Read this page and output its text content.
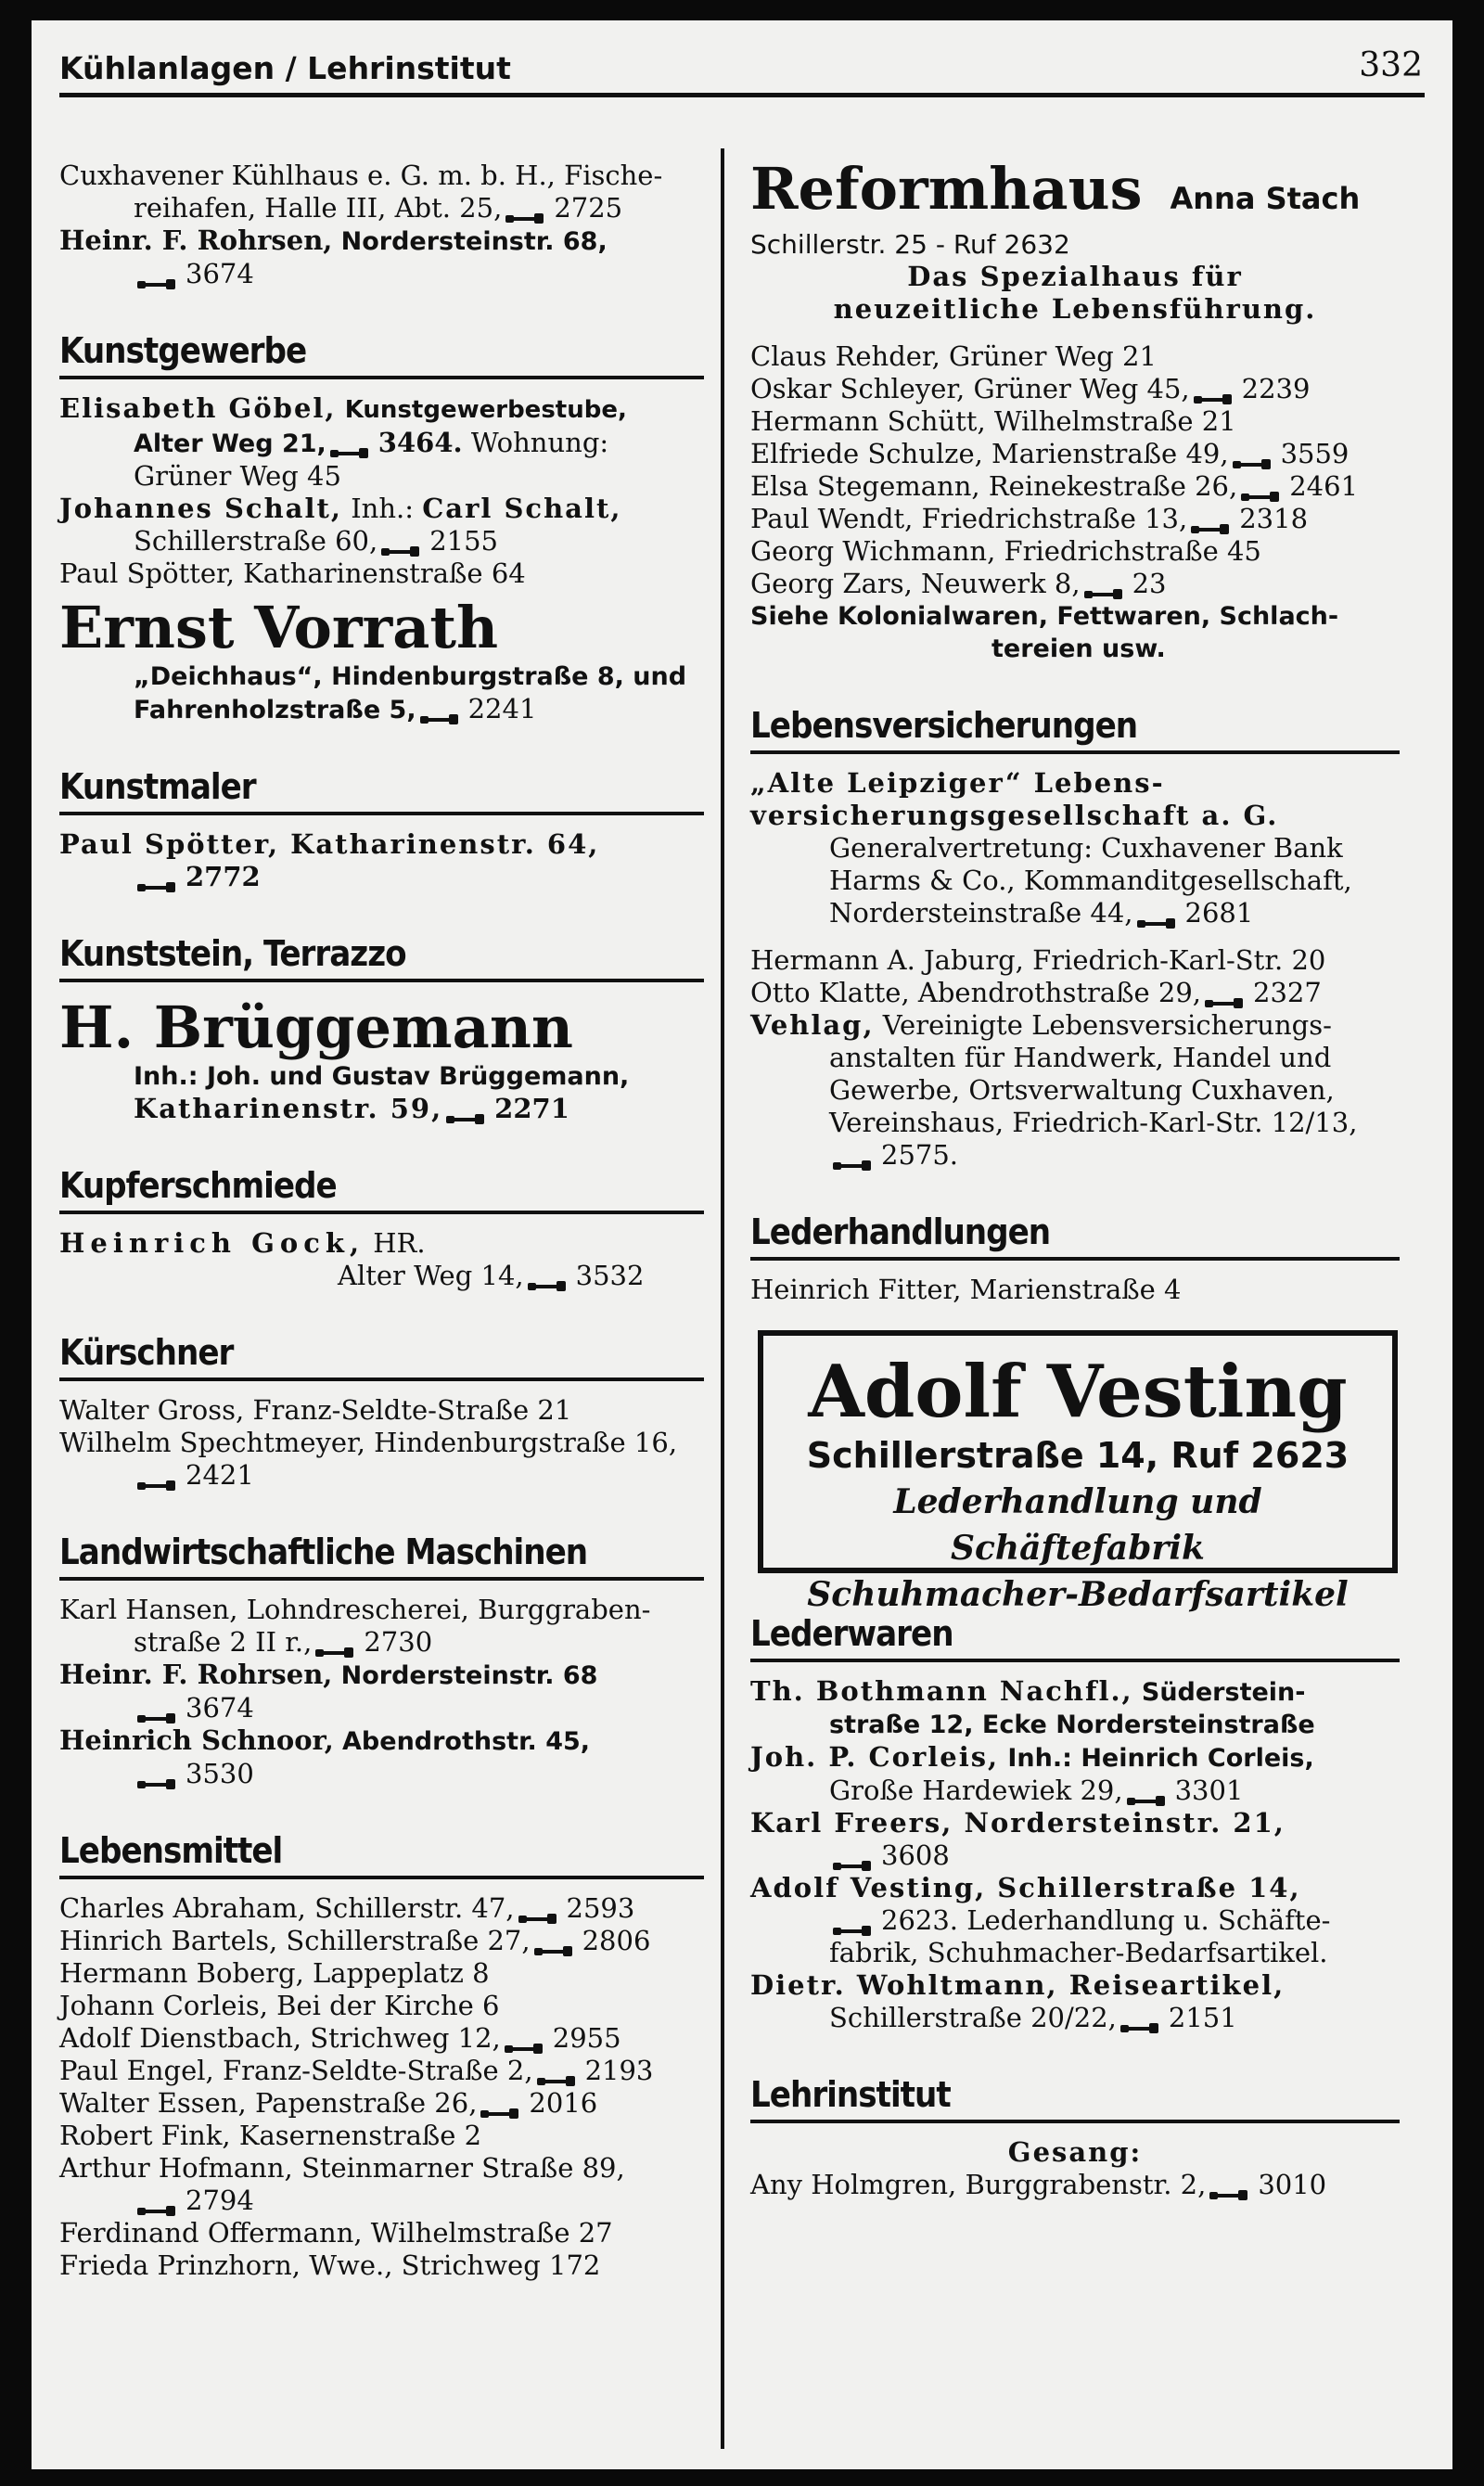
Kühlanlagen / Lehrinstitut	332

Cuxhavener Kühlhaus e. G. m. b. H., Fische-

reihafen, Halle III, Abt. 25, 2725

Heinr. F. Rohrsen, Nordersteinstr. 68,

3674

Kunstgewerbe

Elisabeth Göbel, Kunstgewerbestube,

Alter Weg 21, 3464. Wohnung:

Grüner Weg 45

Johannes Schalt, Inh.: Carl Schalt,

Schillerstraße 60, 2155

Paul Spötter, Katharinenstraße 64

Ernst Vorrath

„Deichhaus“, Hindenburgstraße 8, und

Fahrenholzstraße 5, 2241

Kunstmaler

Paul Spötter, Katharinenstr. 64,

2772

Kunststein, Terrazzo

H. Brüggemann

Inh.: Joh. und Gustav Brüggemann,

Katharinenstr. 59, 2271

Kupferschmiede

Heinrich Gock, HR.

Alter Weg 14, 3532

Kürschner

Walter Gross, Franz-Seldte-Straße 21

Wilhelm Spechtmeyer, Hindenburgstraße 16,

2421

Landwirtschaftliche Maschinen

Karl Hansen, Lohndrescherei, Burggraben-

straße 2 II r., 2730

Heinr. F. Rohrsen, Nordersteinstr. 68

3674

Heinrich Schnoor, Abendrothstr. 45,

3530

Lebensmittel

Charles Abraham, Schillerstr. 47, 2593

Hinrich Bartels, Schillerstraße 27, 2806

Hermann Boberg, Lappeplatz 8

Johann Corleis, Bei der Kirche 6

Adolf Dienstbach, Strichweg 12, 2955

Paul Engel, Franz-Seldte-Straße 2, 2193

Walter Essen, Papenstraße 26, 2016

Robert Fink, Kasernenstraße 2

Arthur Hofmann, Steinmarner Straße 89,

2794

Ferdinand Offermann, Wilhelmstraße 27

Frieda Prinzhorn, Wwe., Strichweg 172

Reformhaus Anna Stach

Schillerstr. 25 - Ruf 2632

Das Spezialhaus für

neuzeitliche Lebensführung.

Claus Rehder, Grüner Weg 21

Oskar Schleyer, Grüner Weg 45, 2239

Hermann Schütt, Wilhelmstraße 21

Elfriede Schulze, Marienstraße 49, 3559

Elsa Stegemann, Reinekestraße 26, 2461

Paul Wendt, Friedrichstraße 13, 2318

Georg Wichmann, Friedrichstraße 45

Georg Zars, Neuwerk 8, 23

Siehe Kolonialwaren, Fettwaren, Schlach-

tereien usw.

Lebensversicherungen

„Alte Leipziger“ Lebens-

versicherungsgesellschaft a. G.

Generalvertretung: Cuxhavener Bank

Harms & Co., Kommanditgesellschaft,

Nordersteinstraße 44, 2681

Hermann A. Jaburg, Friedrich-Karl-Str. 20

Otto Klatte, Abendrothstraße 29, 2327

Vehlag, Vereinigte Lebensversicherungs-

anstalten für Handwerk, Handel und

Gewerbe, Ortsverwaltung Cuxhaven,

Vereinshaus, Friedrich-Karl-Str. 12/13,

2575.

Lederhandlungen

Heinrich Fitter, Marienstraße 4

Adolf Vesting
Schillerstraße 14, Ruf 2623
Lederhandlung und Schäftefabrik
Schuhmacher-Bedarfsartikel
Lederwaren

Th. Bothmann Nachfl., Süderstein-

straße 12, Ecke Nordersteinstraße

Joh. P. Corleis, Inh.: Heinrich Corleis,

Große Hardewiek 29, 3301

Karl Freers, Nordersteinstr. 21,

3608

Adolf Vesting, Schillerstraße 14,

2623. Lederhandlung u. Schäfte-

fabrik, Schuhmacher-Bedarfsartikel.

Dietr. Wohltmann, Reiseartikel,

Schillerstraße 20/22, 2151

Lehrinstitut

Gesang:

Any Holmgren, Burggrabenstr. 2, 3010
